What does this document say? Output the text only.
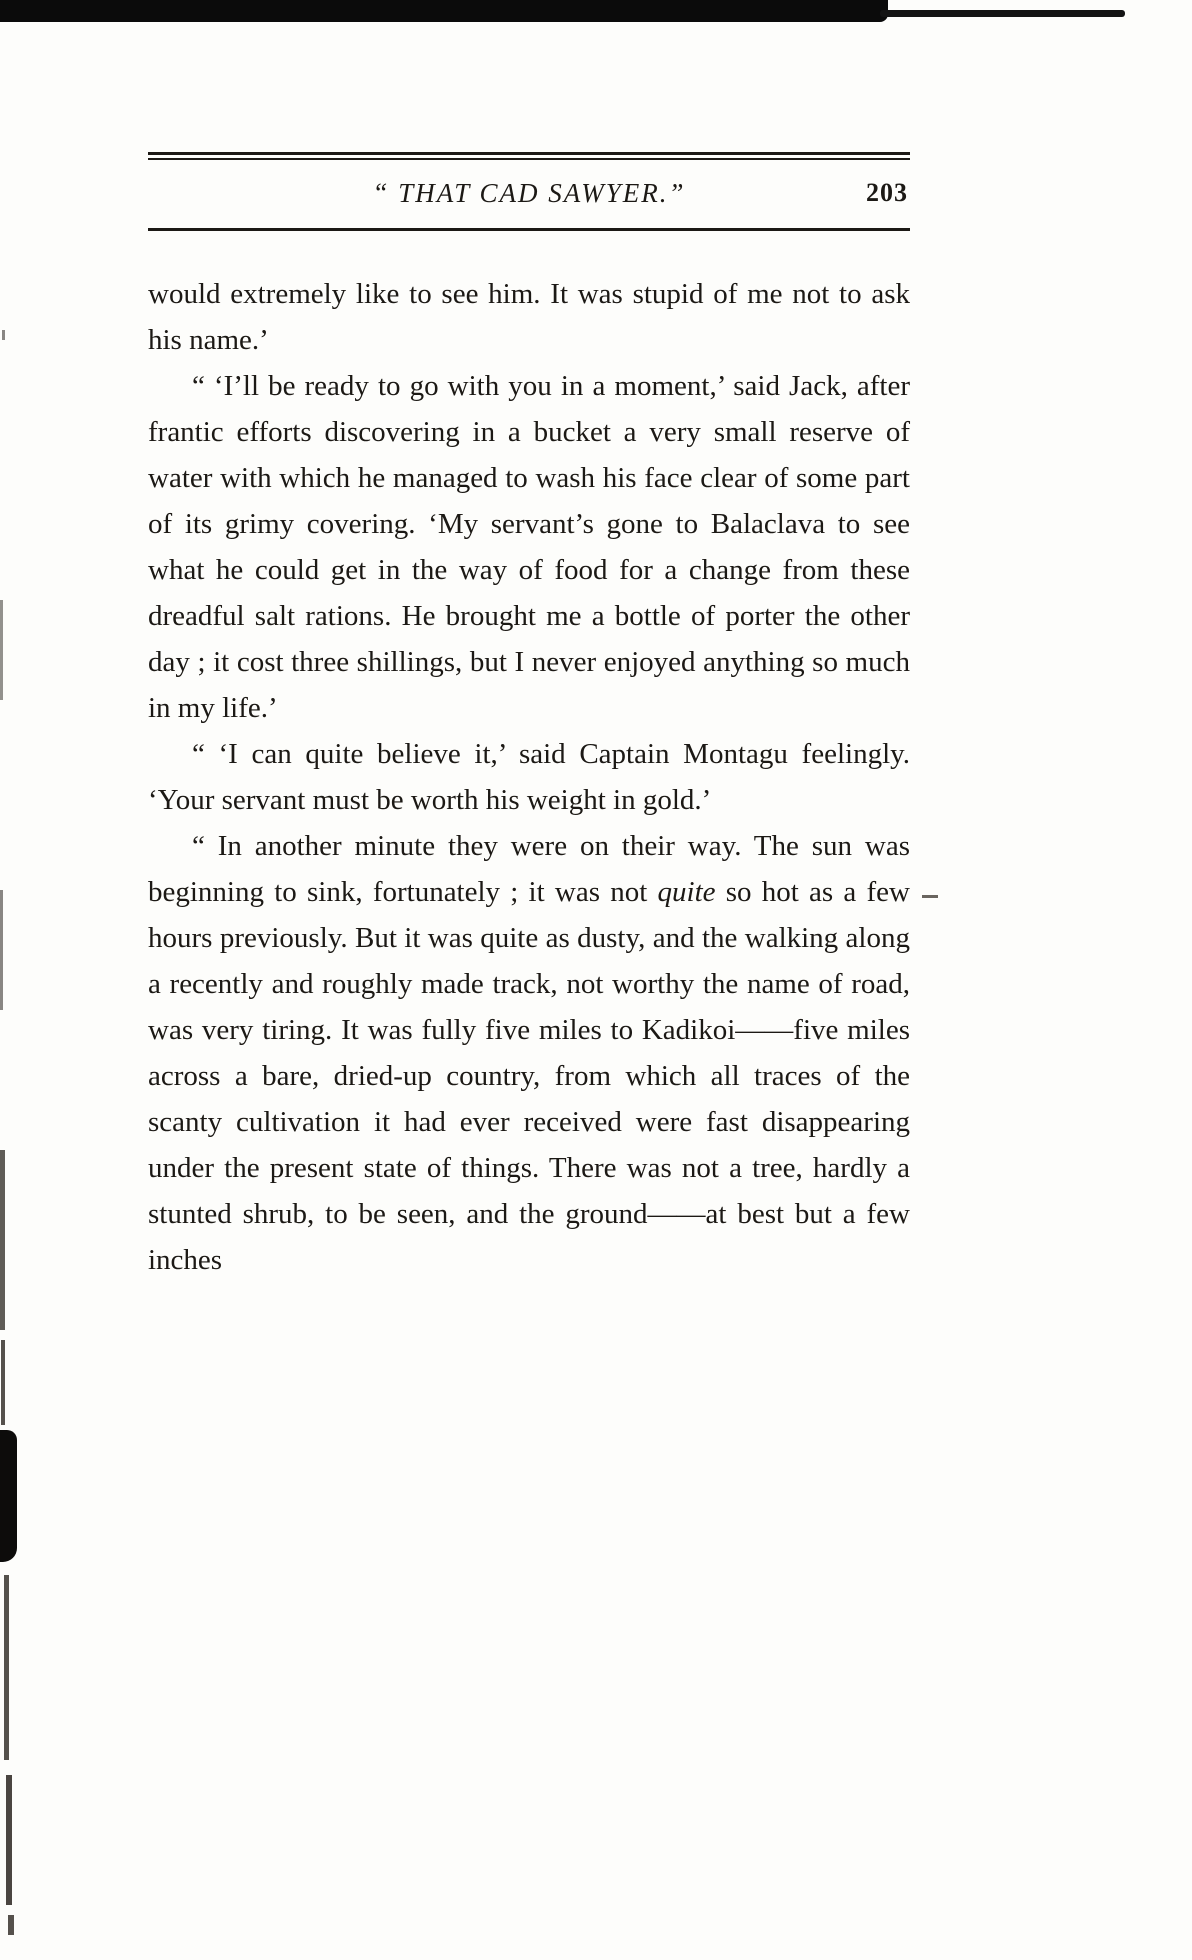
“ THAT CAD SAWYER.”	203

would extremely like to see him. It was stupid of me not to ask his name.’

“ ‘I’ll be ready to go with you in a moment,’ said Jack, after frantic efforts discovering in a bucket a very small reserve of water with which he managed to wash his face clear of some part of its grimy covering. ‘My servant’s gone to Balaclava to see what he could get in the way of food for a change from these dreadful salt rations. He brought me a bottle of porter the other day ; it cost three shillings, but I never enjoyed anything so much in my life.’

“ ‘I can quite believe it,’ said Captain Montagu feelingly. ‘Your servant must be worth his weight in gold.’

“ In another minute they were on their way. The sun was beginning to sink, fortunately ; it was not quite so hot as a few hours previously. But it was quite as dusty, and the walking along a recently and roughly made track, not worthy the name of road, was very tiring. It was fully five miles to Kadikoi——five miles across a bare, dried-up country, from which all traces of the scanty cultivation it had ever received were fast disappearing under the present state of things. There was not a tree, hardly a stunted shrub, to be seen, and the ground——at best but a few inches
